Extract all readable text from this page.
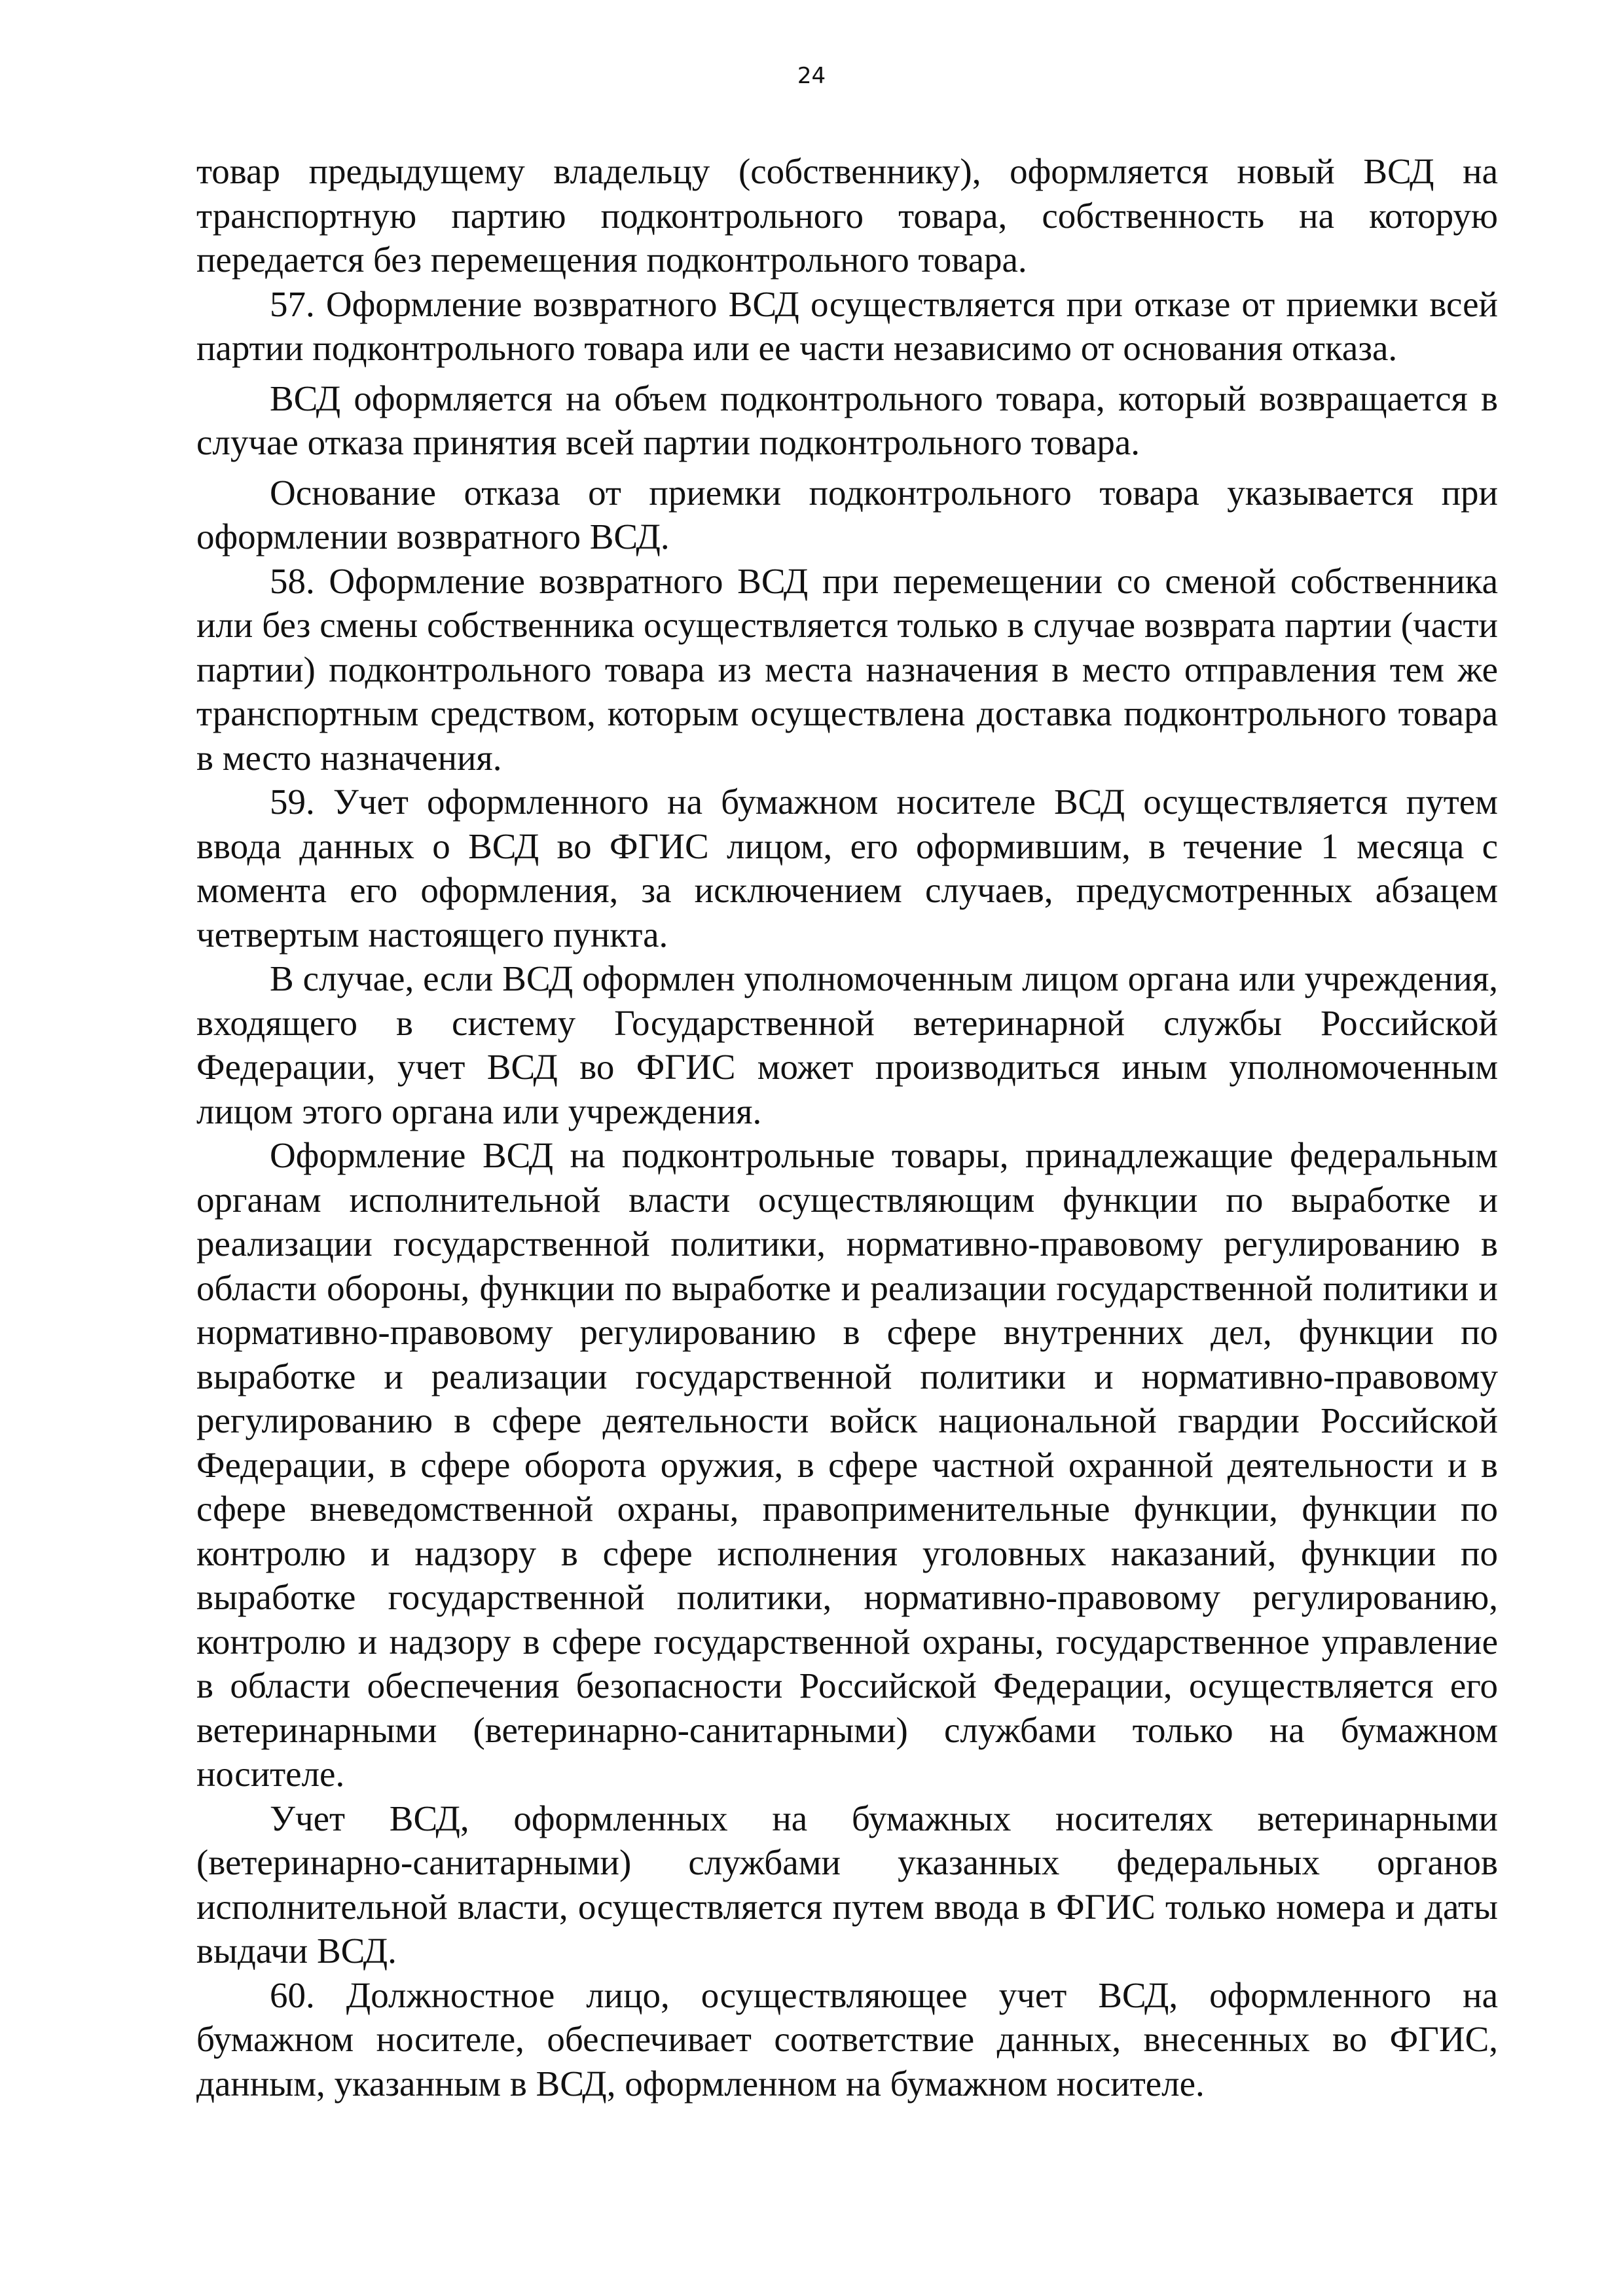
24

товар предыдущему владельцу (собственнику), оформляется новый ВСД на транспортную партию подконтрольного товара, собственность на которую передается без перемещения подконтрольного товара.

57. Оформление возвратного ВСД осуществляется при отказе от приемки всей партии подконтрольного товара или ее части независимо от основания отказа.

ВСД оформляется на объем подконтрольного товара, который возвращается в случае отказа принятия всей партии подконтрольного товара.

Основание отказа от приемки подконтрольного товара указывается при оформлении возвратного ВСД.

58. Оформление возвратного ВСД при перемещении со сменой собственника или без смены собственника осуществляется только в случае возврата партии (части партии) подконтрольного товара из места назначения в место отправления тем же транспортным средством, которым осуществлена доставка подконтрольного товара в место назначения.

59. Учет оформленного на бумажном носителе ВСД осуществляется путем ввода данных о ВСД во ФГИС лицом, его оформившим, в течение 1 месяца с момента его оформления, за исключением случаев, предусмотренных абзацем четвертым настоящего пункта.

В случае, если ВСД оформлен уполномоченным лицом органа или учреждения, входящего в систему Государственной ветеринарной службы Российской Федерации, учет ВСД во ФГИС может производиться иным уполномоченным лицом этого органа или учреждения.

Оформление ВСД на подконтрольные товары, принадлежащие федеральным органам исполнительной власти осуществляющим функции по выработке и реализации государственной политики, нормативно-правовому регулированию в области обороны, функции по выработке и реализации государственной политики и нормативно-правовому регулированию в сфере внутренних дел, функции по выработке и реализации государственной политики и нормативно-правовому регулированию в сфере деятельности войск национальной гвардии Российской Федерации, в сфере оборота оружия, в сфере частной охранной деятельности и в сфере вневедомственной охраны, правоприменительные функции, функции по контролю и надзору в сфере исполнения уголовных наказаний, функции по выработке государственной политики, нормативно-правовому регулированию, контролю и надзору в сфере государственной охраны, государственное управление в области обеспечения безопасности Российской Федерации, осуществляется его ветеринарными (ветеринарно-санитарными) службами только на бумажном носителе.

Учет ВСД, оформленных на бумажных носителях ветеринарными (ветеринарно-санитарными) службами указанных федеральных органов исполнительной власти, осуществляется путем ввода в ФГИС только номера и даты выдачи ВСД.

60. Должностное лицо, осуществляющее учет ВСД, оформленного на бумажном носителе, обеспечивает соответствие данных, внесенных во ФГИС, данным, указанным в ВСД, оформленном на бумажном носителе.
